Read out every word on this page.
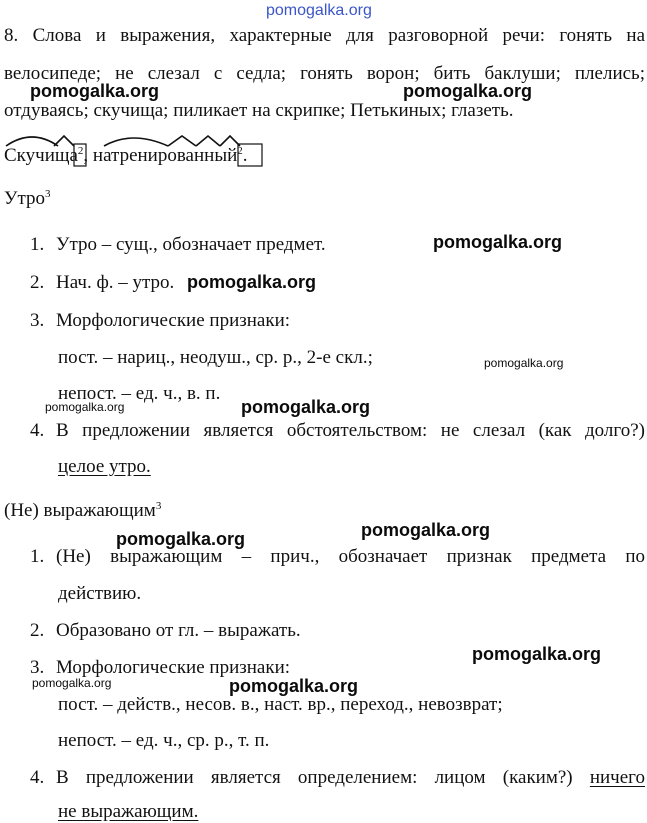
pomogalka.org
8. Слова и выражения, характерные для разговорной речи: гонять на
велосипеде; не слезал с седла; гонять ворон; бить баклуши; плелись;
отдуваясь; скучища; пиликает на скрипке; Петькиных; глазеть.
Скучища$^2$, натренированный$^2$.
Утро$^3$
1. Утро – сущ., обозначает предмет.
2. Нач. ф. – утро.
3. Морфологические признаки:
пост. – нариц., неодуш., ср. р., 2-е скл.;
непост. – ед. ч., в. п.
4. В предложении является обстоятельством: не слезал (как долго?)
целое утро.
(Не) выражающим$^3$
1. (Не) выражающим – прич., обозначает признак предмета по
действию.
2. Образовано от гл. – выражать.
3. Морфологические признаки:
пост. – действ., несов. в., наст. вр., переход., невозврат;
непост. – ед. ч., ср. р., т. п.
4. В предложении является определением: лицом (каким?) ничего
не выражающим.
pomogalka.org	pomogalka.org
pomogalka.org
pomogalka.org
pomogalka.org
pomogalka.org	pomogalka.org
pomogalka.org	pomogalka.org
pomogalka.org
pomogalka.org	pomogalka.org
